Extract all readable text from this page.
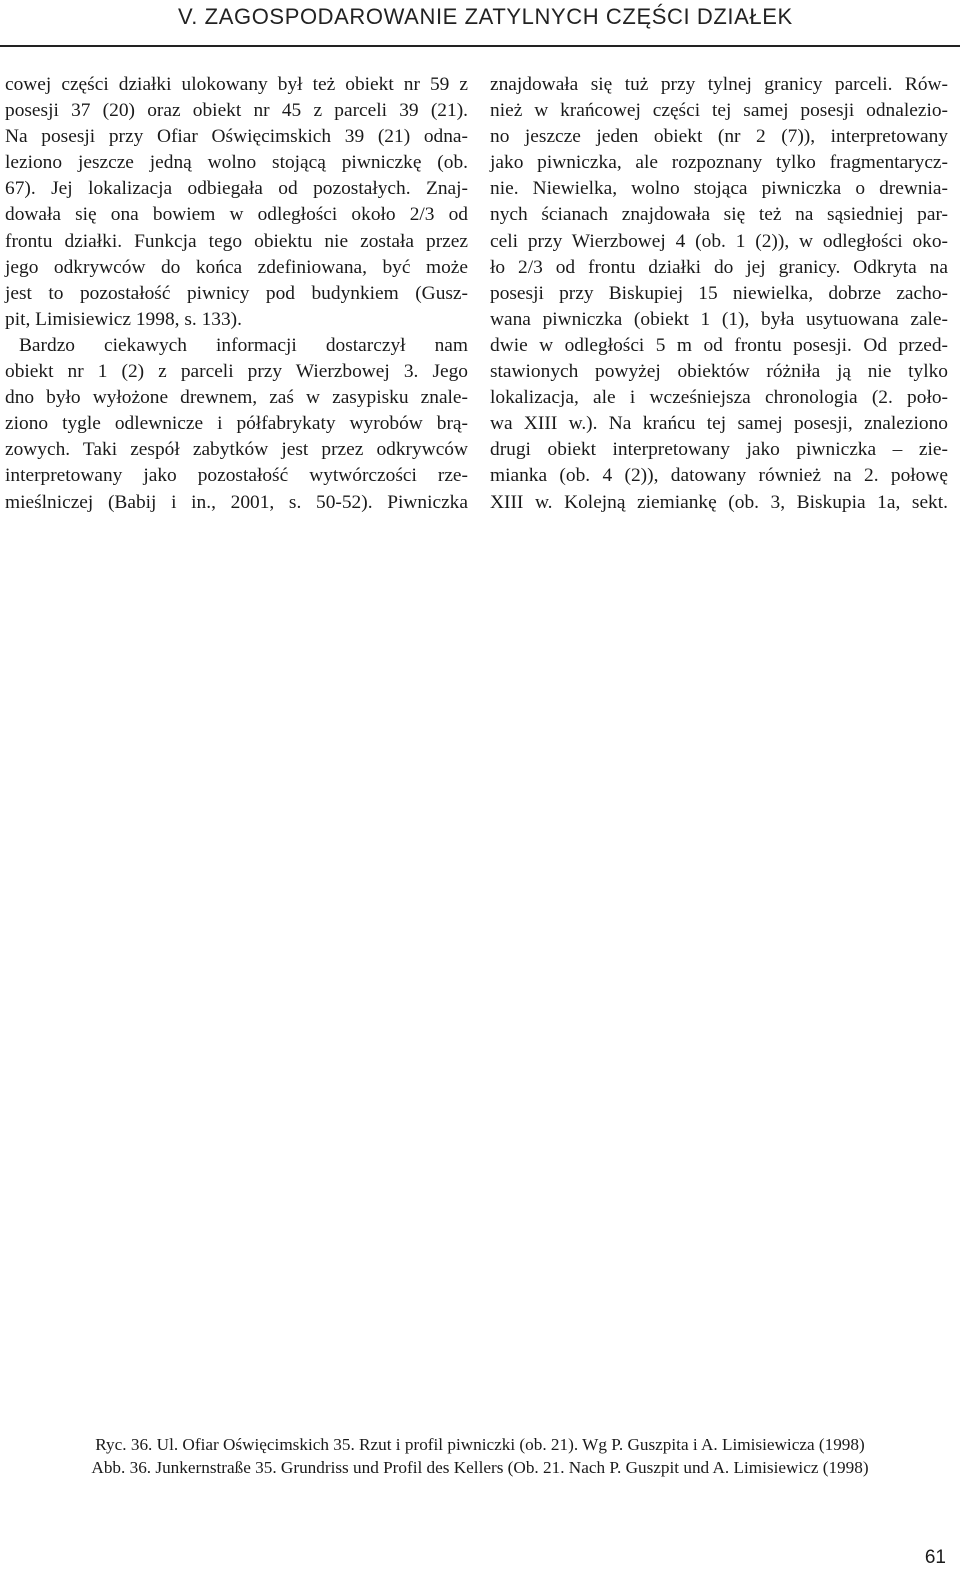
V. ZAGOSPODAROWANIE ZATYLNYCH CZĘŚCI DZIAŁEK
cowej części działki ulokowany był też obiekt nr 59 z
posesji 37 (20) oraz obiekt nr 45 z parceli 39 (21).
Na posesji przy Ofiar Oświęcimskich 39 (21) odna-
leziono jeszcze jedną wolno stojącą piwniczkę (ob.
67). Jej lokalizacja odbiegała od pozostałych. Znaj-
dowała się ona bowiem w odległości około 2/3 od
frontu działki. Funkcja tego obiektu nie została przez
jego odkrywców do końca zdefiniowana, być może
jest to pozostałość piwnicy pod budynkiem (Gusz-
pit, Limisiewicz 1998, s. 133).
Bardzo ciekawych informacji dostarczył nam
obiekt nr 1 (2) z parceli przy Wierzbowej 3. Jego
dno było wyłożone drewnem, zaś w zasypisku znale-
ziono tygle odlewnicze i półfabrykaty wyrobów brą-
zowych. Taki zespół zabytków jest przez odkrywców
interpretowany jako pozostałość wytwórczości rze-
mieślniczej (Babij i in., 2001, s. 50-52). Piwniczka
znajdowała się tuż przy tylnej granicy parceli. Rów-
nież w krańcowej części tej samej posesji odnalezio-
no jeszcze jeden obiekt (nr 2 (7)), interpretowany
jako piwniczka, ale rozpoznany tylko fragmentarycz-
nie. Niewielka, wolno stojąca piwniczka o drewnia-
nych ścianach znajdowała się też na sąsiedniej par-
celi przy Wierzbowej 4 (ob. 1 (2)), w odległości oko-
ło 2/3 od frontu działki do jej granicy. Odkryta na
posesji przy Biskupiej 15 niewielka, dobrze zacho-
wana piwniczka (obiekt 1 (1), była usytuowana zale-
dwie w odległości 5 m od frontu posesji. Od przed-
stawionych powyżej obiektów różniła ją nie tylko
lokalizacja, ale i wcześniejsza chronologia (2. poło-
wa XIII w.). Na krańcu tej samej posesji, znaleziono
drugi obiekt interpretowany jako piwniczka – zie-
mianka (ob. 4 (2)), datowany również na 2. połowę
XIII w. Kolejną ziemiankę (ob. 3, Biskupia 1a, sekt.
Ryc. 36. Ul. Ofiar Oświęcimskich 35. Rzut i profil piwniczki (ob. 21). Wg P. Guszpita i A. Limisiewicza (1998)
Abb. 36. Junkernstraße 35. Grundriss und Profil des Kellers (Ob. 21. Nach P. Guszpit und A. Limisiewicz (1998)
61
